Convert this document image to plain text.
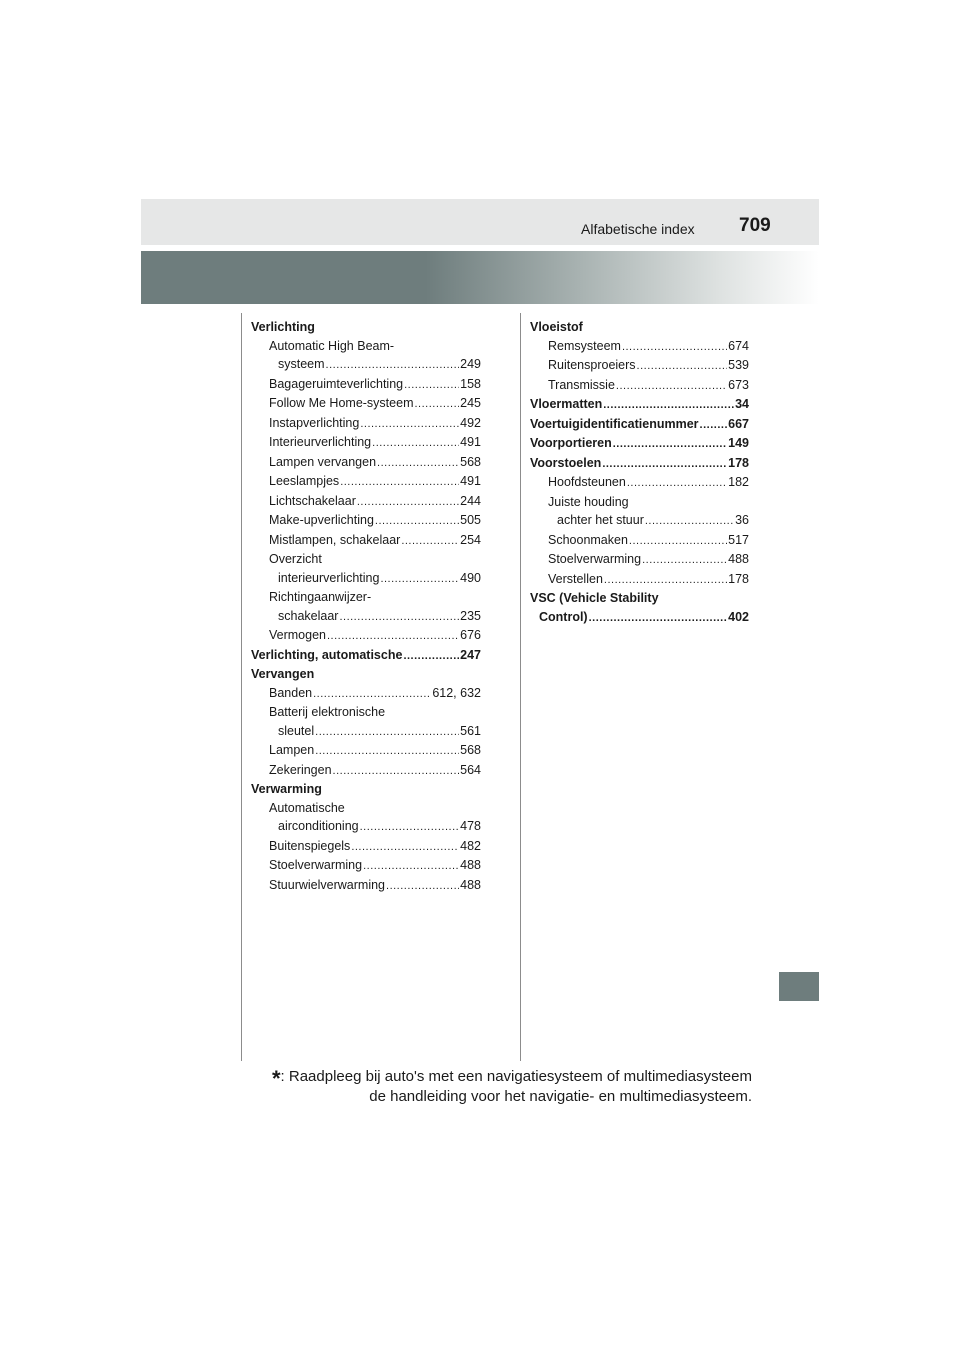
Alfabetische index 709
Verlichting
Automatic High Beam-
systeem .....	249
Bagageruimteverlichting .....	158
Follow Me Home-systeem .....	245
Instapverlichting .....	492
Interieurverlichting .....	491
Lampen vervangen .....	568
Leeslampjes .....	491
Lichtschakelaar .....	244
Make-upverlichting .....	505
Mistlampen, schakelaar .....	254
Overzicht
interieurverlichting .....	490
Richtingaanwijzer-
schakelaar .....	235
Vermogen .....	676
Verlichting, automatische .....	247
Vervangen
Banden .....	612, 632
Batterij elektronische
sleutel .....	561
Lampen .....	568
Zekeringen .....	564
Verwarming
Automatische
airconditioning .....	478
Buitenspiegels .....	482
Stoelverwarming .....	488
Stuurwielverwarming .....	488
Vloeistof
Remsysteem .....	674
Ruitensproeiers .....	539
Transmissie .....	673
Vloermatten .....	34
Voertuigidentificatienummer ..... 667
Voorportieren .....	149
Voorstoelen .....	178
Hoofdsteunen .....	182
Juiste houding
achter het stuur .....	36
Schoonmaken .....	517
Stoelverwarming .....	488
Verstellen .....	178
VSC (Vehicle Stability
Control) .....	402
*: Raadpleeg bij auto's met een navigatiesysteem of multimediasysteem
de handleiding voor het navigatie- en multimediasysteem.
